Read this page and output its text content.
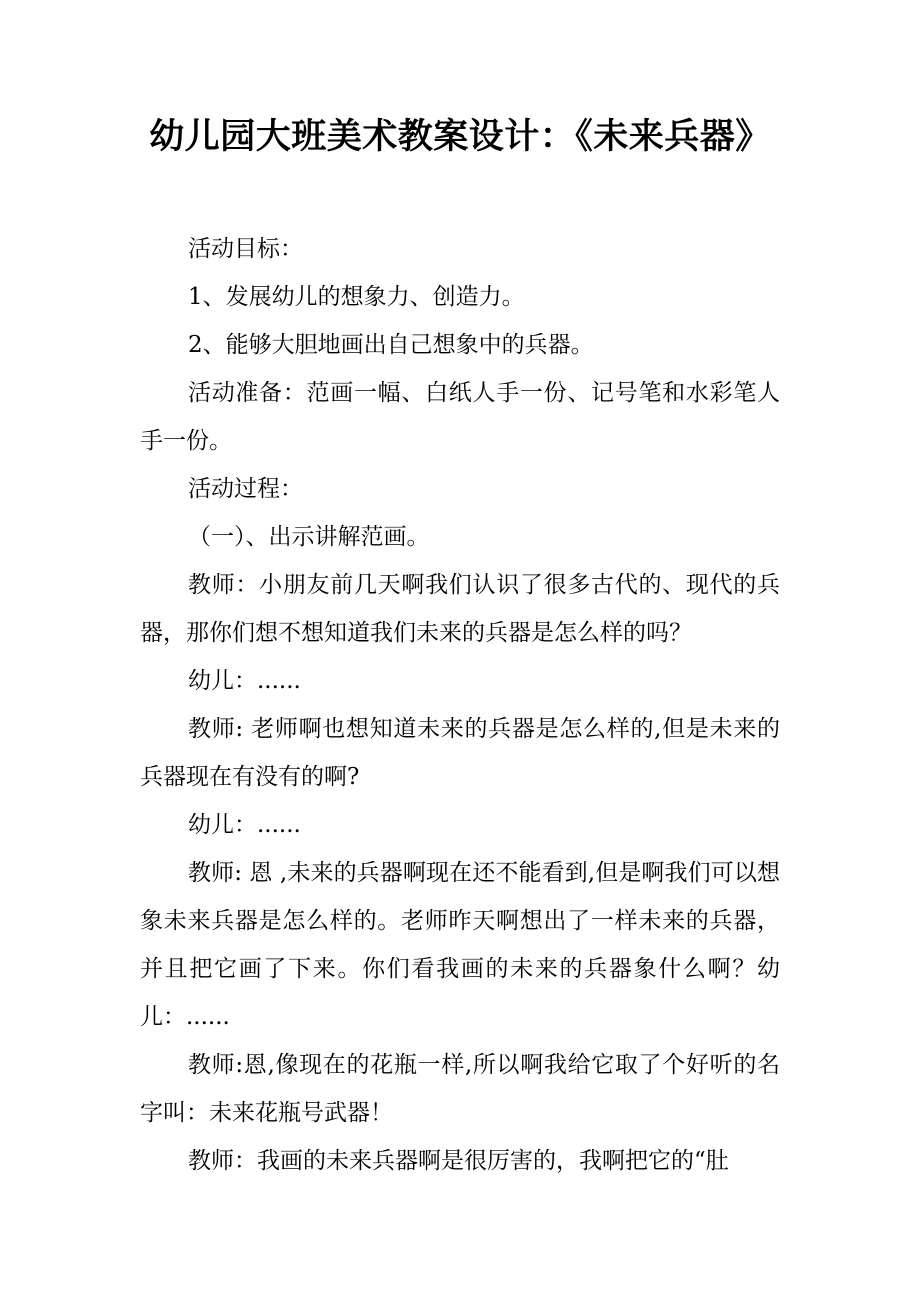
幼儿园大班美术教案设计：《未来兵器》

活动目标：

1、发展幼儿的想象力、创造力。

2、能够大胆地画出自己想象中的兵器。

活动准备：范画一幅、白纸人手一份、记号笔和水彩笔人手一份。

活动过程：

（一）、出示讲解范画。

教师：小朋友前几天啊我们认识了很多古代的、现代的兵器，那你们想不想知道我们未来的兵器是怎么样的吗？

幼儿：......

教师: 老师啊也想知道未来的兵器是怎么样的,但是未来的兵器现在有没有的啊?

幼儿：......

教师: 恩 ,未来的兵器啊现在还不能看到,但是啊我们可以想象未来兵器是怎么样的。老师昨天啊想出了一样未来的兵器，并且把它画了下来。你们看我画的未来的兵器象什么啊？幼儿：......

教师:恩,像现在的花瓶一样,所以啊我给它取了个好听的名字叫：未来花瓶号武器！

教师：我画的未来兵器啊是很厉害的，我啊把它的“肚
